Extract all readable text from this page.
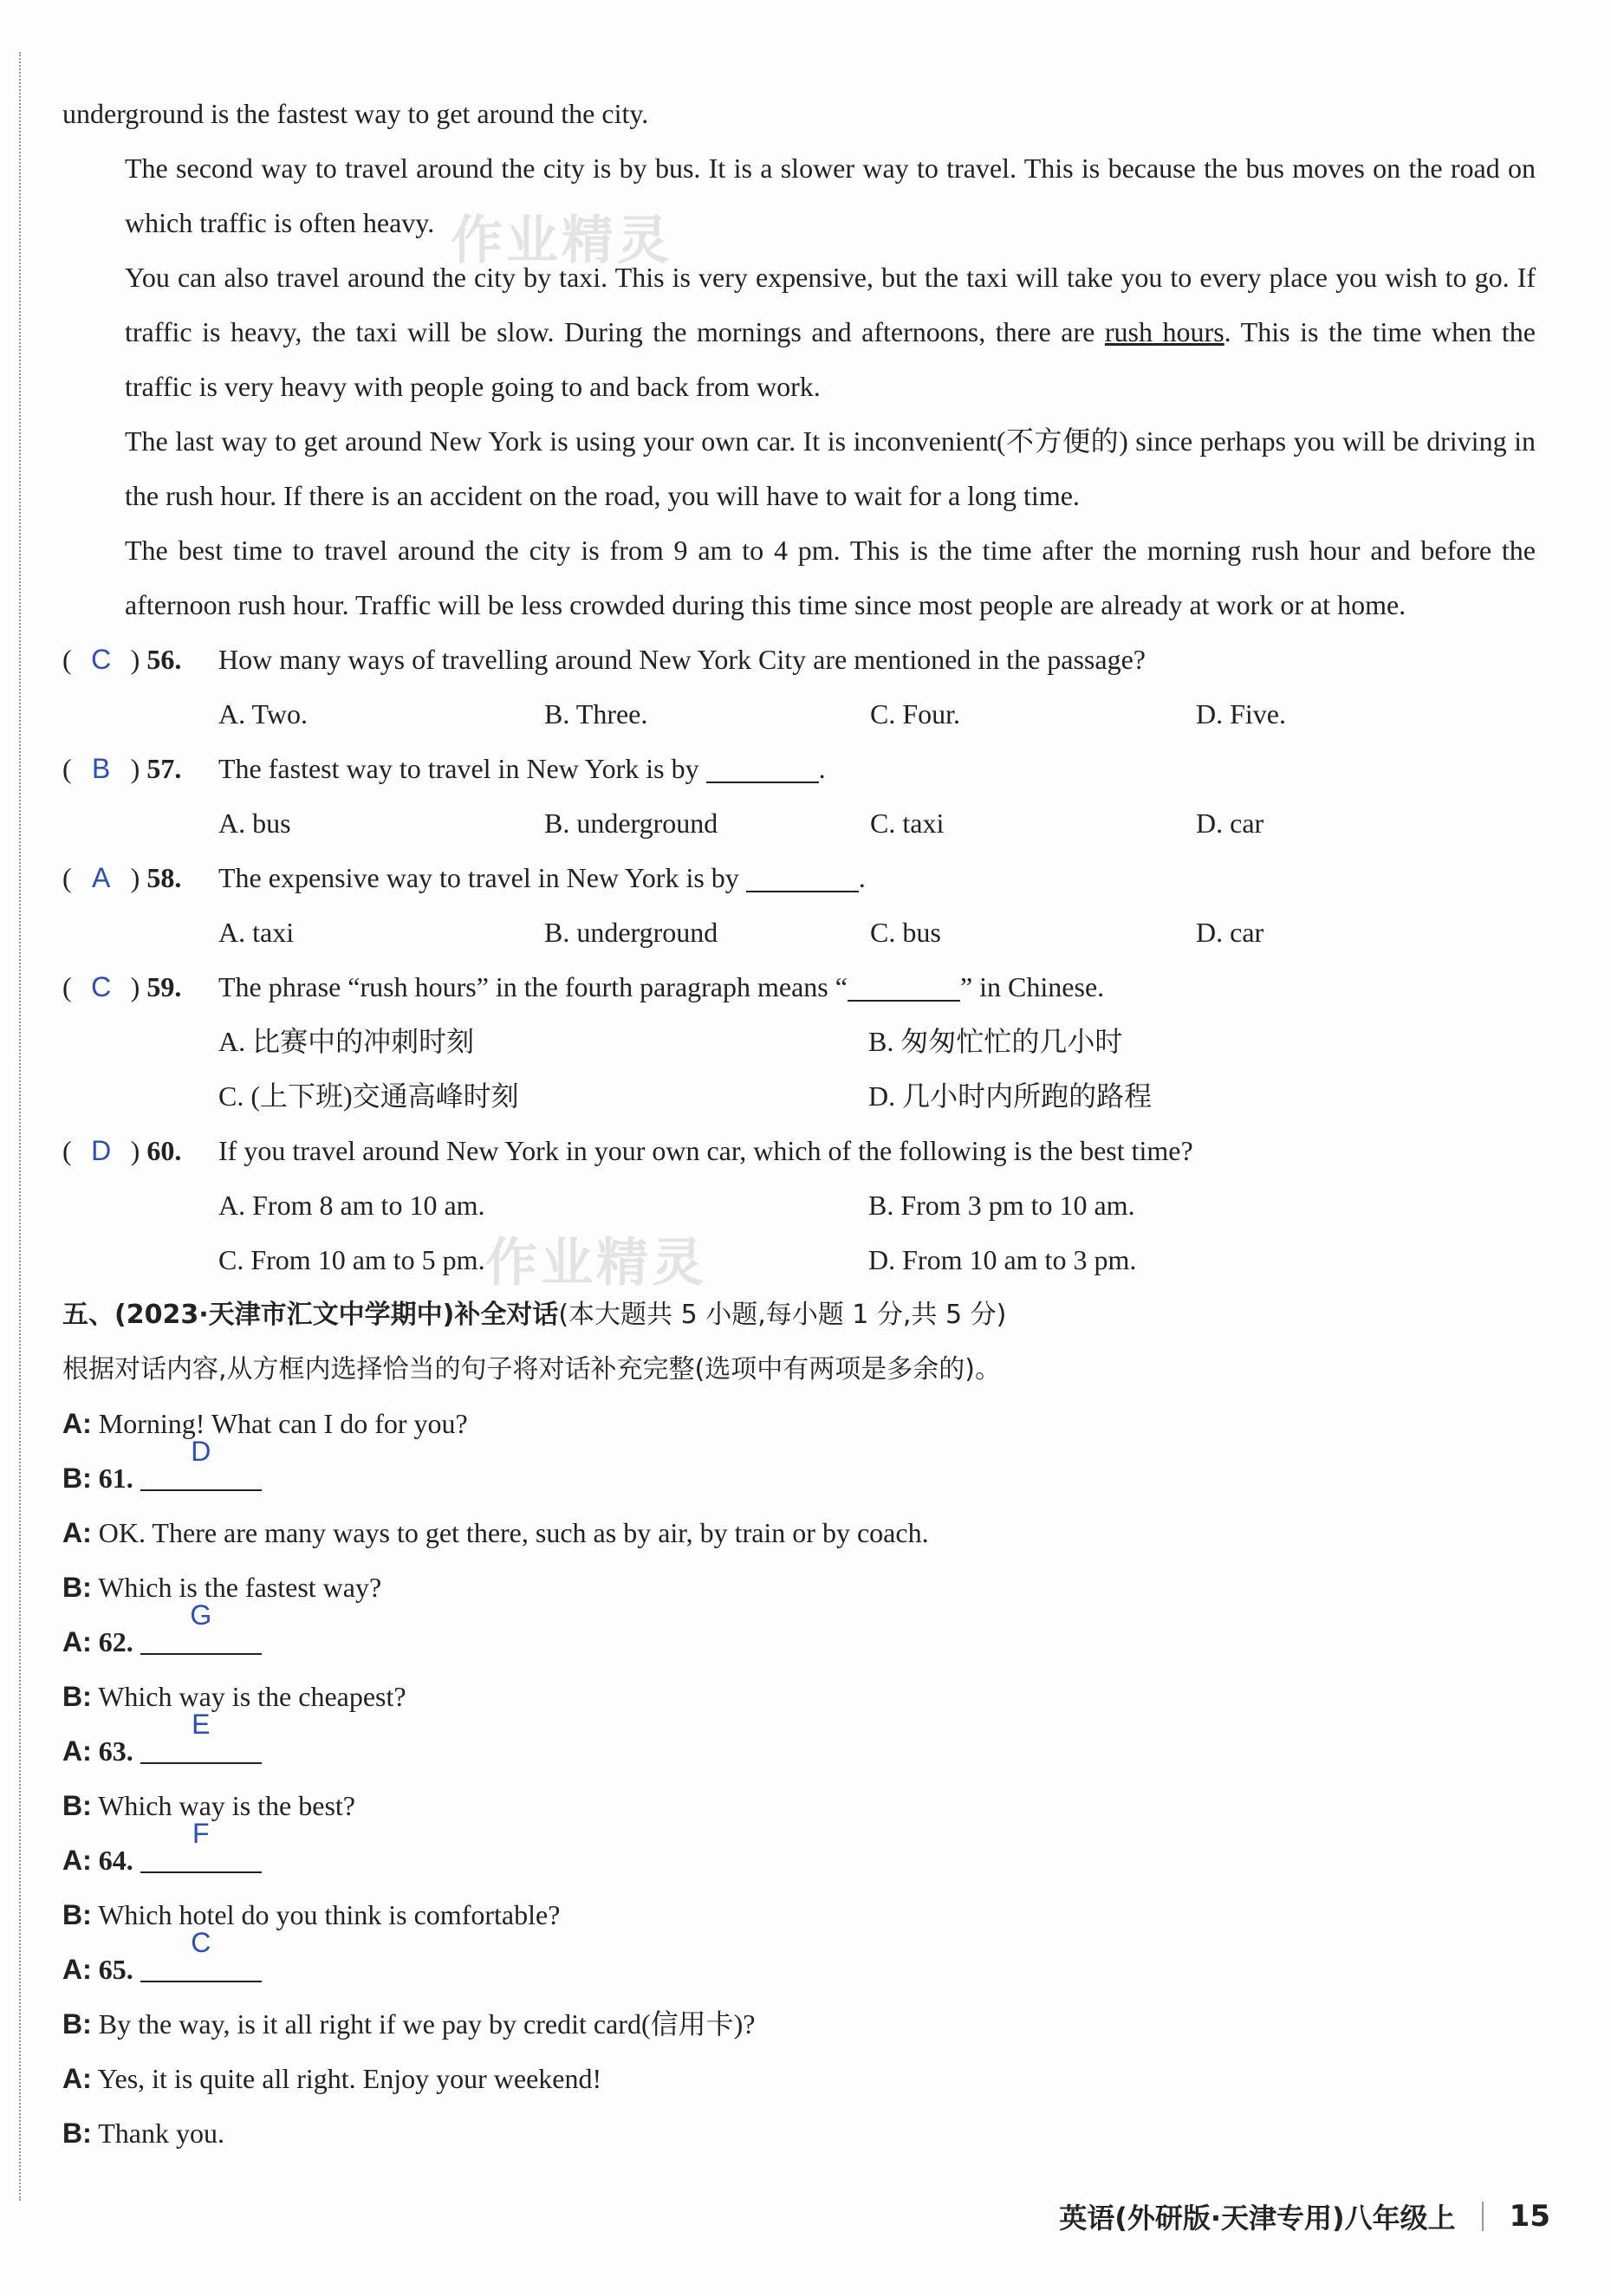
作业精灵
作业精灵
underground is the fastest way to get around the city.
The second way to travel around the city is by bus. It is a slower way to travel. This is because the bus moves on the road on which traffic is often heavy.
You can also travel around the city by taxi. This is very expensive, but the taxi will take you to every place you wish to go. If traffic is heavy, the taxi will be slow. During the mornings and afternoons, there are rush hours. This is the time when the traffic is very heavy with people going to and back from work.
The last way to get around New York is using your own car. It is inconvenient(不方便的) since perhaps you will be driving in the rush hour. If there is an accident on the road, you will have to wait for a long time.
The best time to travel around the city is from 9 am to 4 pm. This is the time after the morning rush hour and before the afternoon rush hour. Traffic will be less crowded during this time since most people are already at work or at home.
( C ) 56.	How many ways of travelling around New York City are mentioned in the passage?
A. Two.	B. Three.	C. Four.	D. Five.
( B ) 57.	The fastest way to travel in New York is by	.
A. bus	B. underground	C. taxi	D. car
( A ) 58.	The expensive way to travel in New York is by	.
A. taxi	B. underground	C. bus	D. car
( C ) 59.	The phrase “rush hours” in the fourth paragraph means “	” in Chinese.
A. 比赛中的冲刺时刻	B. 匆匆忙忙的几小时
C. (上下班)交通高峰时刻	D. 几小时内所跑的路程
( D ) 60.	If you travel around New York in your own car, which of the following is the best time?
A. From 8 am to 10 am.	B. From 3 pm to 10 am.
C. From 10 am to 5 pm.	D. From 10 am to 3 pm.
五、(2023·天津市汇文中学期中)补全对话(本大题共 5 小题,每小题 1 分,共 5 分)
根据对话内容,从方框内选择恰当的句子将对话补充完整(选项中有两项是多余的)。
A: Morning! What can I do for you?
B: 61.
D
A: OK. There are many ways to get there, such as by air, by train or by coach.
B: Which is the fastest way?
A: 62.
G
B: Which way is the cheapest?
A: 63.
E
B: Which way is the best?
A: 64.
F
B: Which hotel do you think is comfortable?
A: 65.
C
B: By the way, is it all right if we pay by credit card(信用卡)?
A: Yes, it is quite all right. Enjoy your weekend!
B: Thank you.
英语(外研版·天津专用)八年级上 15
